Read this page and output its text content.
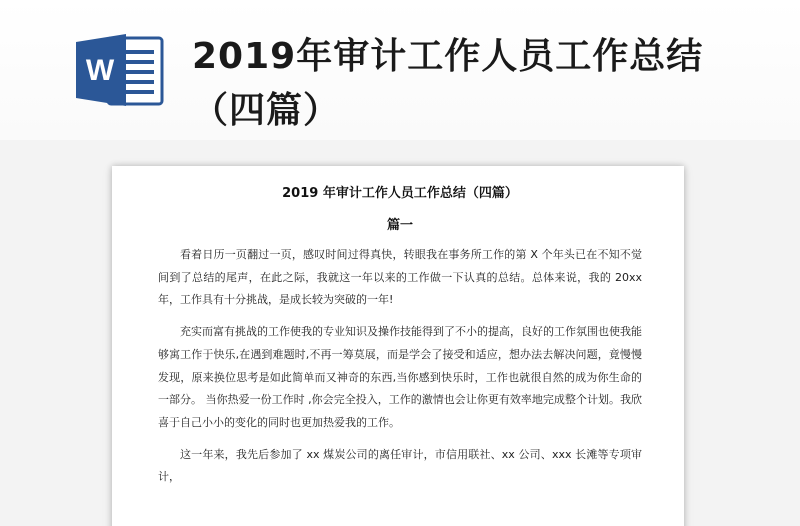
W 2019年审计工作人员工作总结（四篇）
2019 年审计工作人员工作总结（四篇）
篇一

看着日历一页翻过一页，感叹时间过得真快，转眼我在事务所工作的第 X 个年头已在不知不觉间到了总结的尾声，在此之际，我就这一年以来的工作做一下认真的总结。总体来说，我的 20xx 年，工作具有十分挑战，是成长较为突破的一年!

充实而富有挑战的工作使我的专业知识及操作技能得到了不小的提高，良好的工作氛围也使我能够寓工作于快乐,在遇到难题时,不再一筹莫展，而是学会了接受和适应，想办法去解决问题，竟慢慢发现，原来换位思考是如此简单而又神奇的东西,当你感到快乐时，工作也就很自然的成为你生命的一部分。 当你热爱一份工作时 ,你会完全投入，工作的激情也会让你更有效率地完成整个计划。我欣喜于自己小小的变化的同时也更加热爱我的工作。

这一年来，我先后参加了 xx 煤炭公司的离任审计，市信用联社、xx 公司、xxx 长滩等专项审计，
